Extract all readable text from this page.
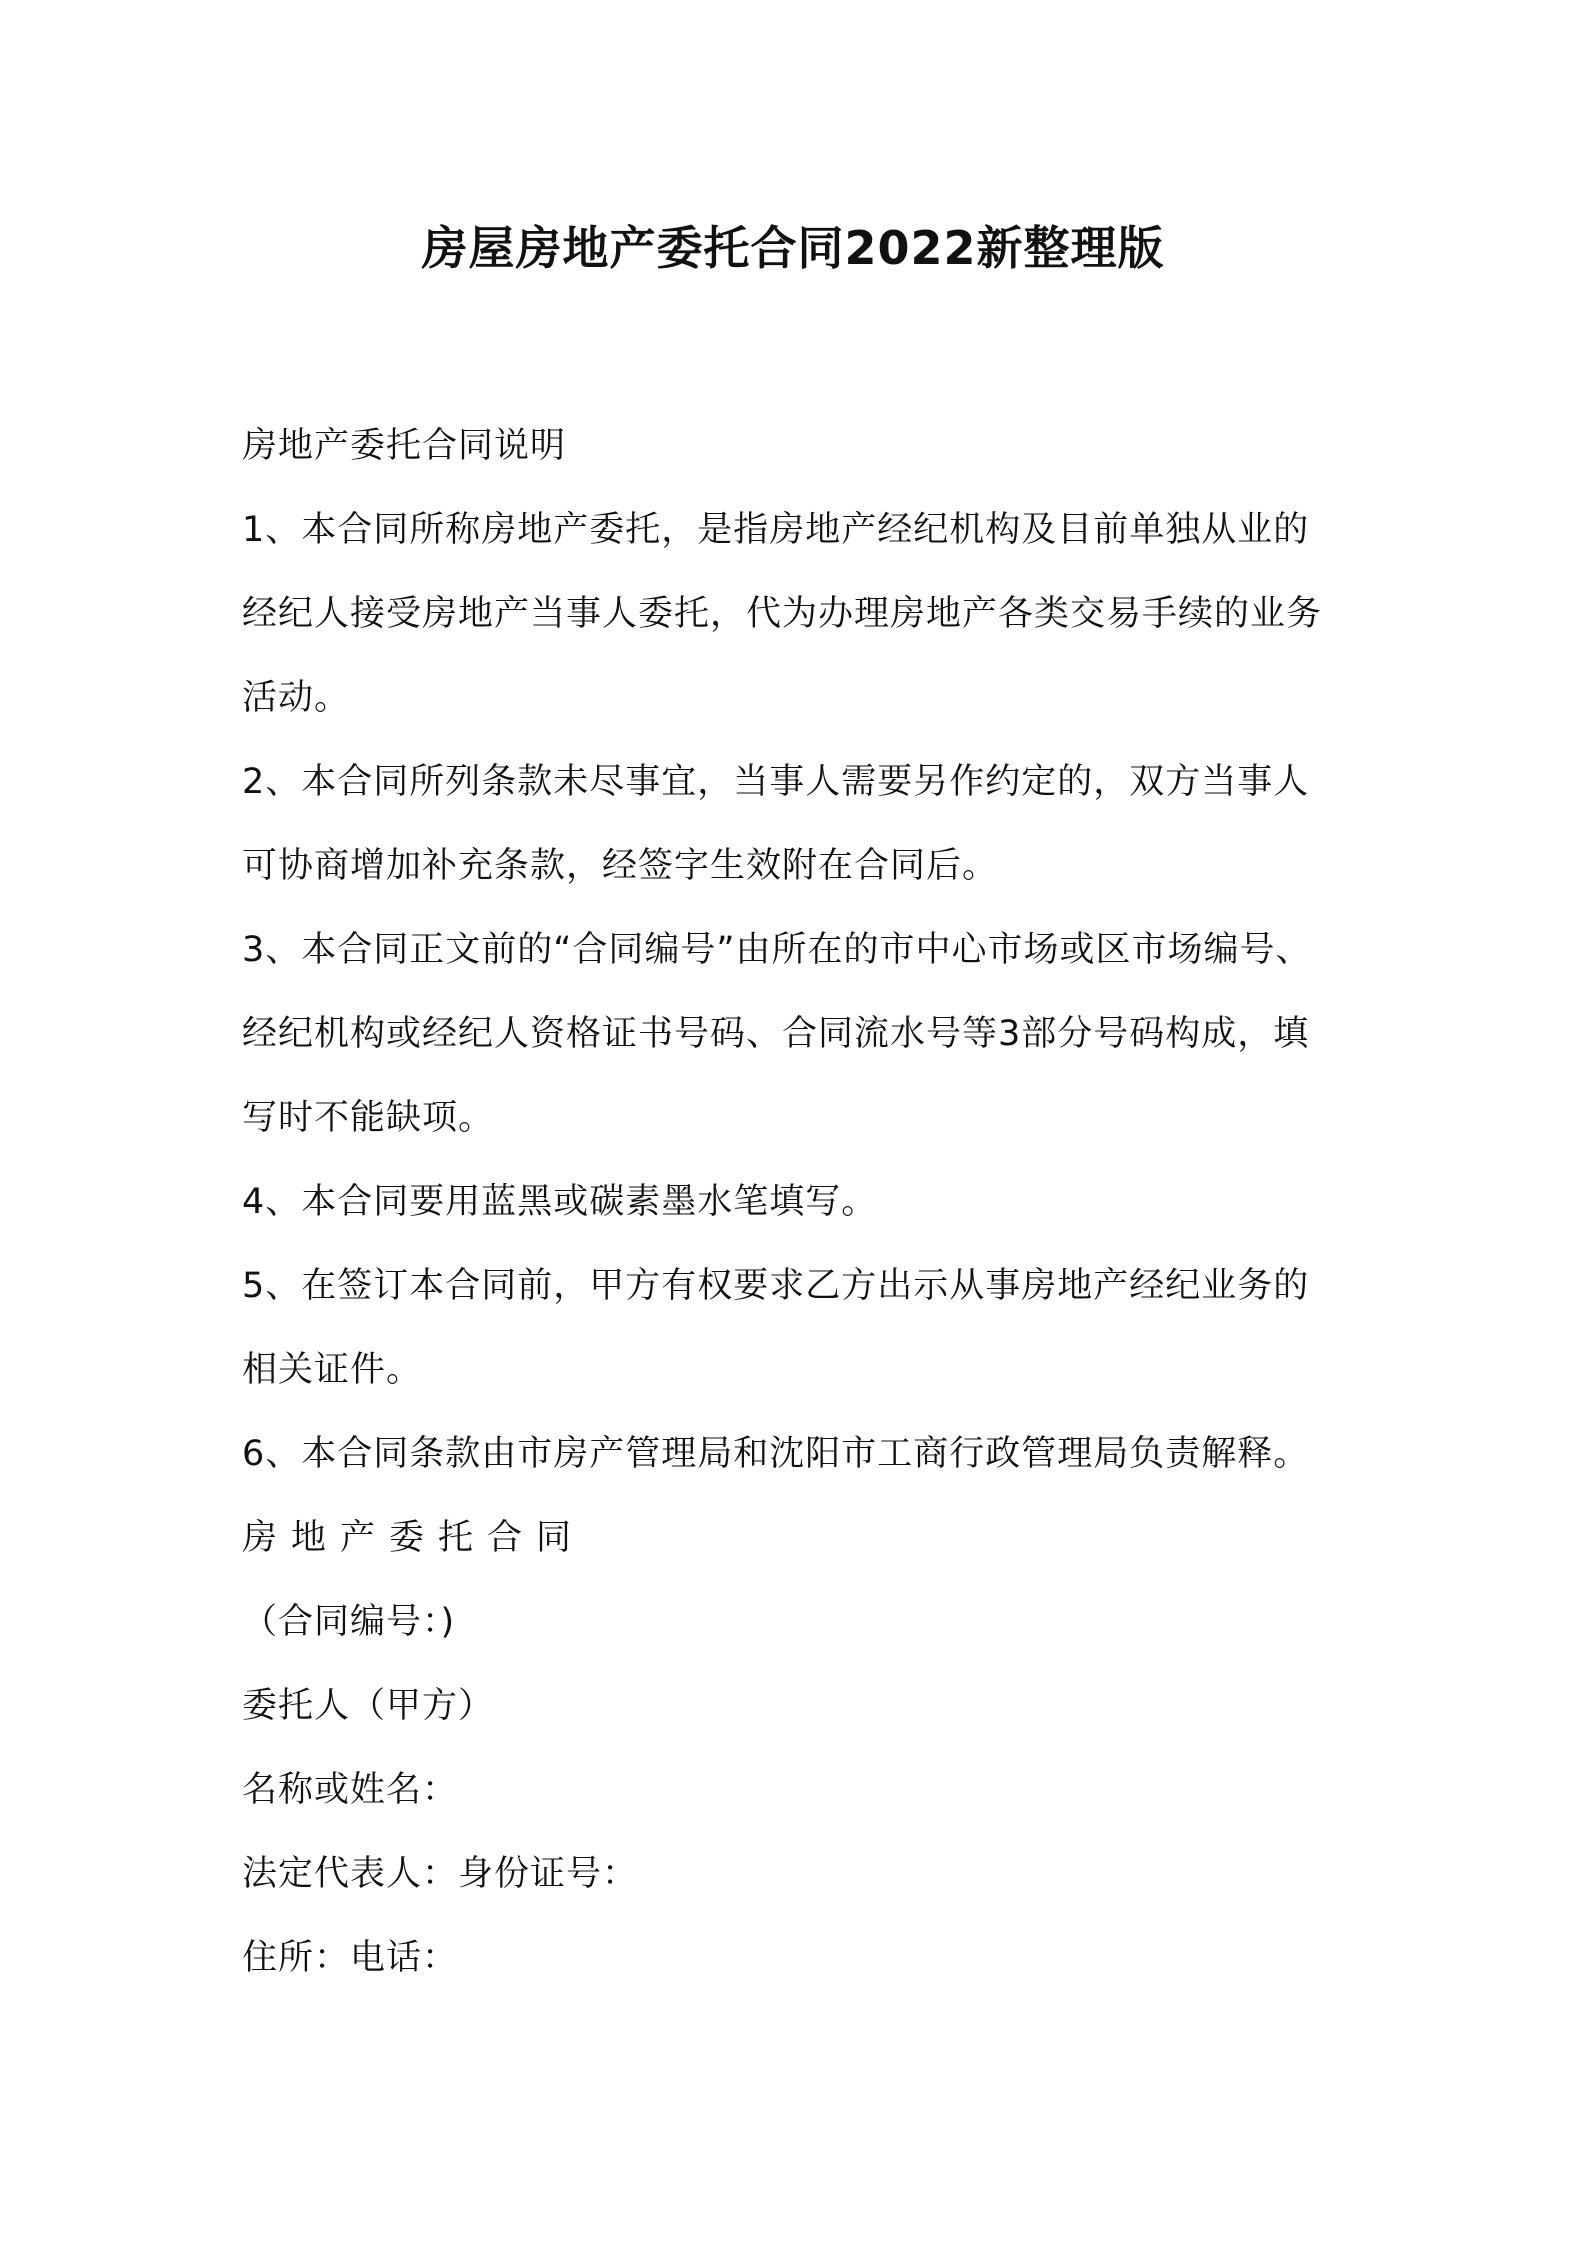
房屋房地产委托合同2022新整理版
房地产委托合同说明
1、本合同所称房地产委托，是指房地产经纪机构及目前单独从业的
经纪人接受房地产当事人委托，代为办理房地产各类交易手续的业务
活动。
2、本合同所列条款未尽事宜，当事人需要另作约定的，双方当事人
可协商增加补充条款，经签字生效附在合同后。
3、本合同正文前的“合同编号”由所在的市中心市场或区市场编号、
经纪机构或经纪人资格证书号码、合同流水号等3部分号码构成，填
写时不能缺项。
4、本合同要用蓝黑或碳素墨水笔填写。
5、在签订本合同前，甲方有权要求乙方出示从事房地产经纪业务的
相关证件。
6、本合同条款由市房产管理局和沈阳市工商行政管理局负责解释。
房地产委托合同
（合同编号：)
委托人（甲方）
名称或姓名：
法定代表人：身份证号：
住所：电话：
